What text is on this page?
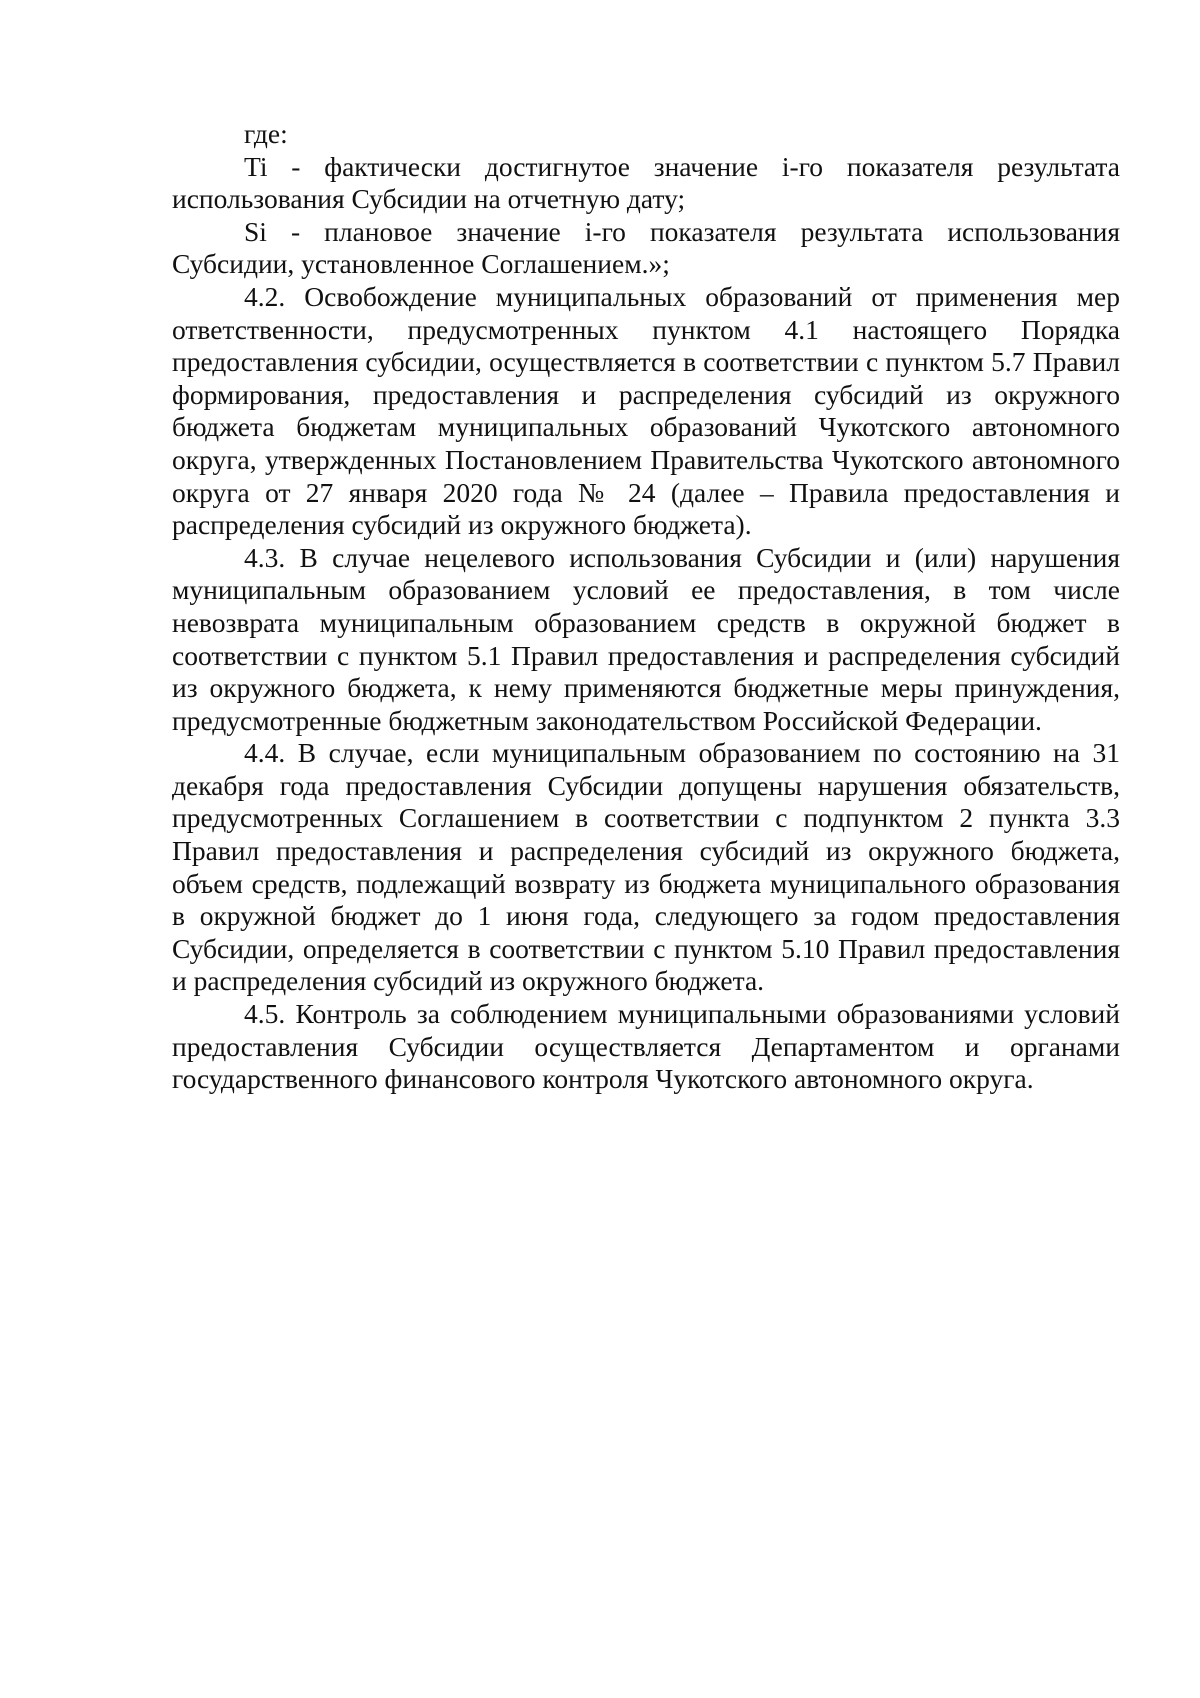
где:

Ti - фактически достигнутое значение i-го показателя результата использования Субсидии на отчетную дату;

Si - плановое значение i-го показателя результата использования Субсидии, установленное Соглашением.»;

4.2. Освобождение муниципальных образований от применения мер ответственности, предусмотренных пунктом 4.1 настоящего Порядка предоставления субсидии, осуществляется в соответствии с пунктом 5.7 Правил формирования, предоставления и распределения субсидий из окружного бюджета бюджетам муниципальных образований Чукотского автономного округа, утвержденных Постановлением Правительства Чукотского автономного округа от 27 января 2020 года № 24 (далее – Правила предоставления и распределения субсидий из окружного бюджета).

4.3. В случае нецелевого использования Субсидии и (или) нарушения муниципальным образованием условий ее предоставления, в том числе невозврата муниципальным образованием средств в окружной бюджет в соответствии с пунктом 5.1 Правил предоставления и распределения субсидий из окружного бюджета, к нему применяются бюджетные меры принуждения, предусмотренные бюджетным законодательством Российской Федерации.

4.4. В случае, если муниципальным образованием по состоянию на 31 декабря года предоставления Субсидии допущены нарушения обязательств, предусмотренных Соглашением в соответствии с подпунктом 2 пункта 3.3 Правил предоставления и распределения субсидий из окружного бюджета, объем средств, подлежащий возврату из бюджета муниципального образования в окружной бюджет до 1 июня года, следующего за годом предоставления Субсидии, определяется в соответствии с пунктом 5.10 Правил предоставления и распределения субсидий из окружного бюджета.

4.5. Контроль за соблюдением муниципальными образованиями условий предоставления Субсидии осуществляется Департаментом и органами государственного финансового контроля Чукотского автономного округа.
